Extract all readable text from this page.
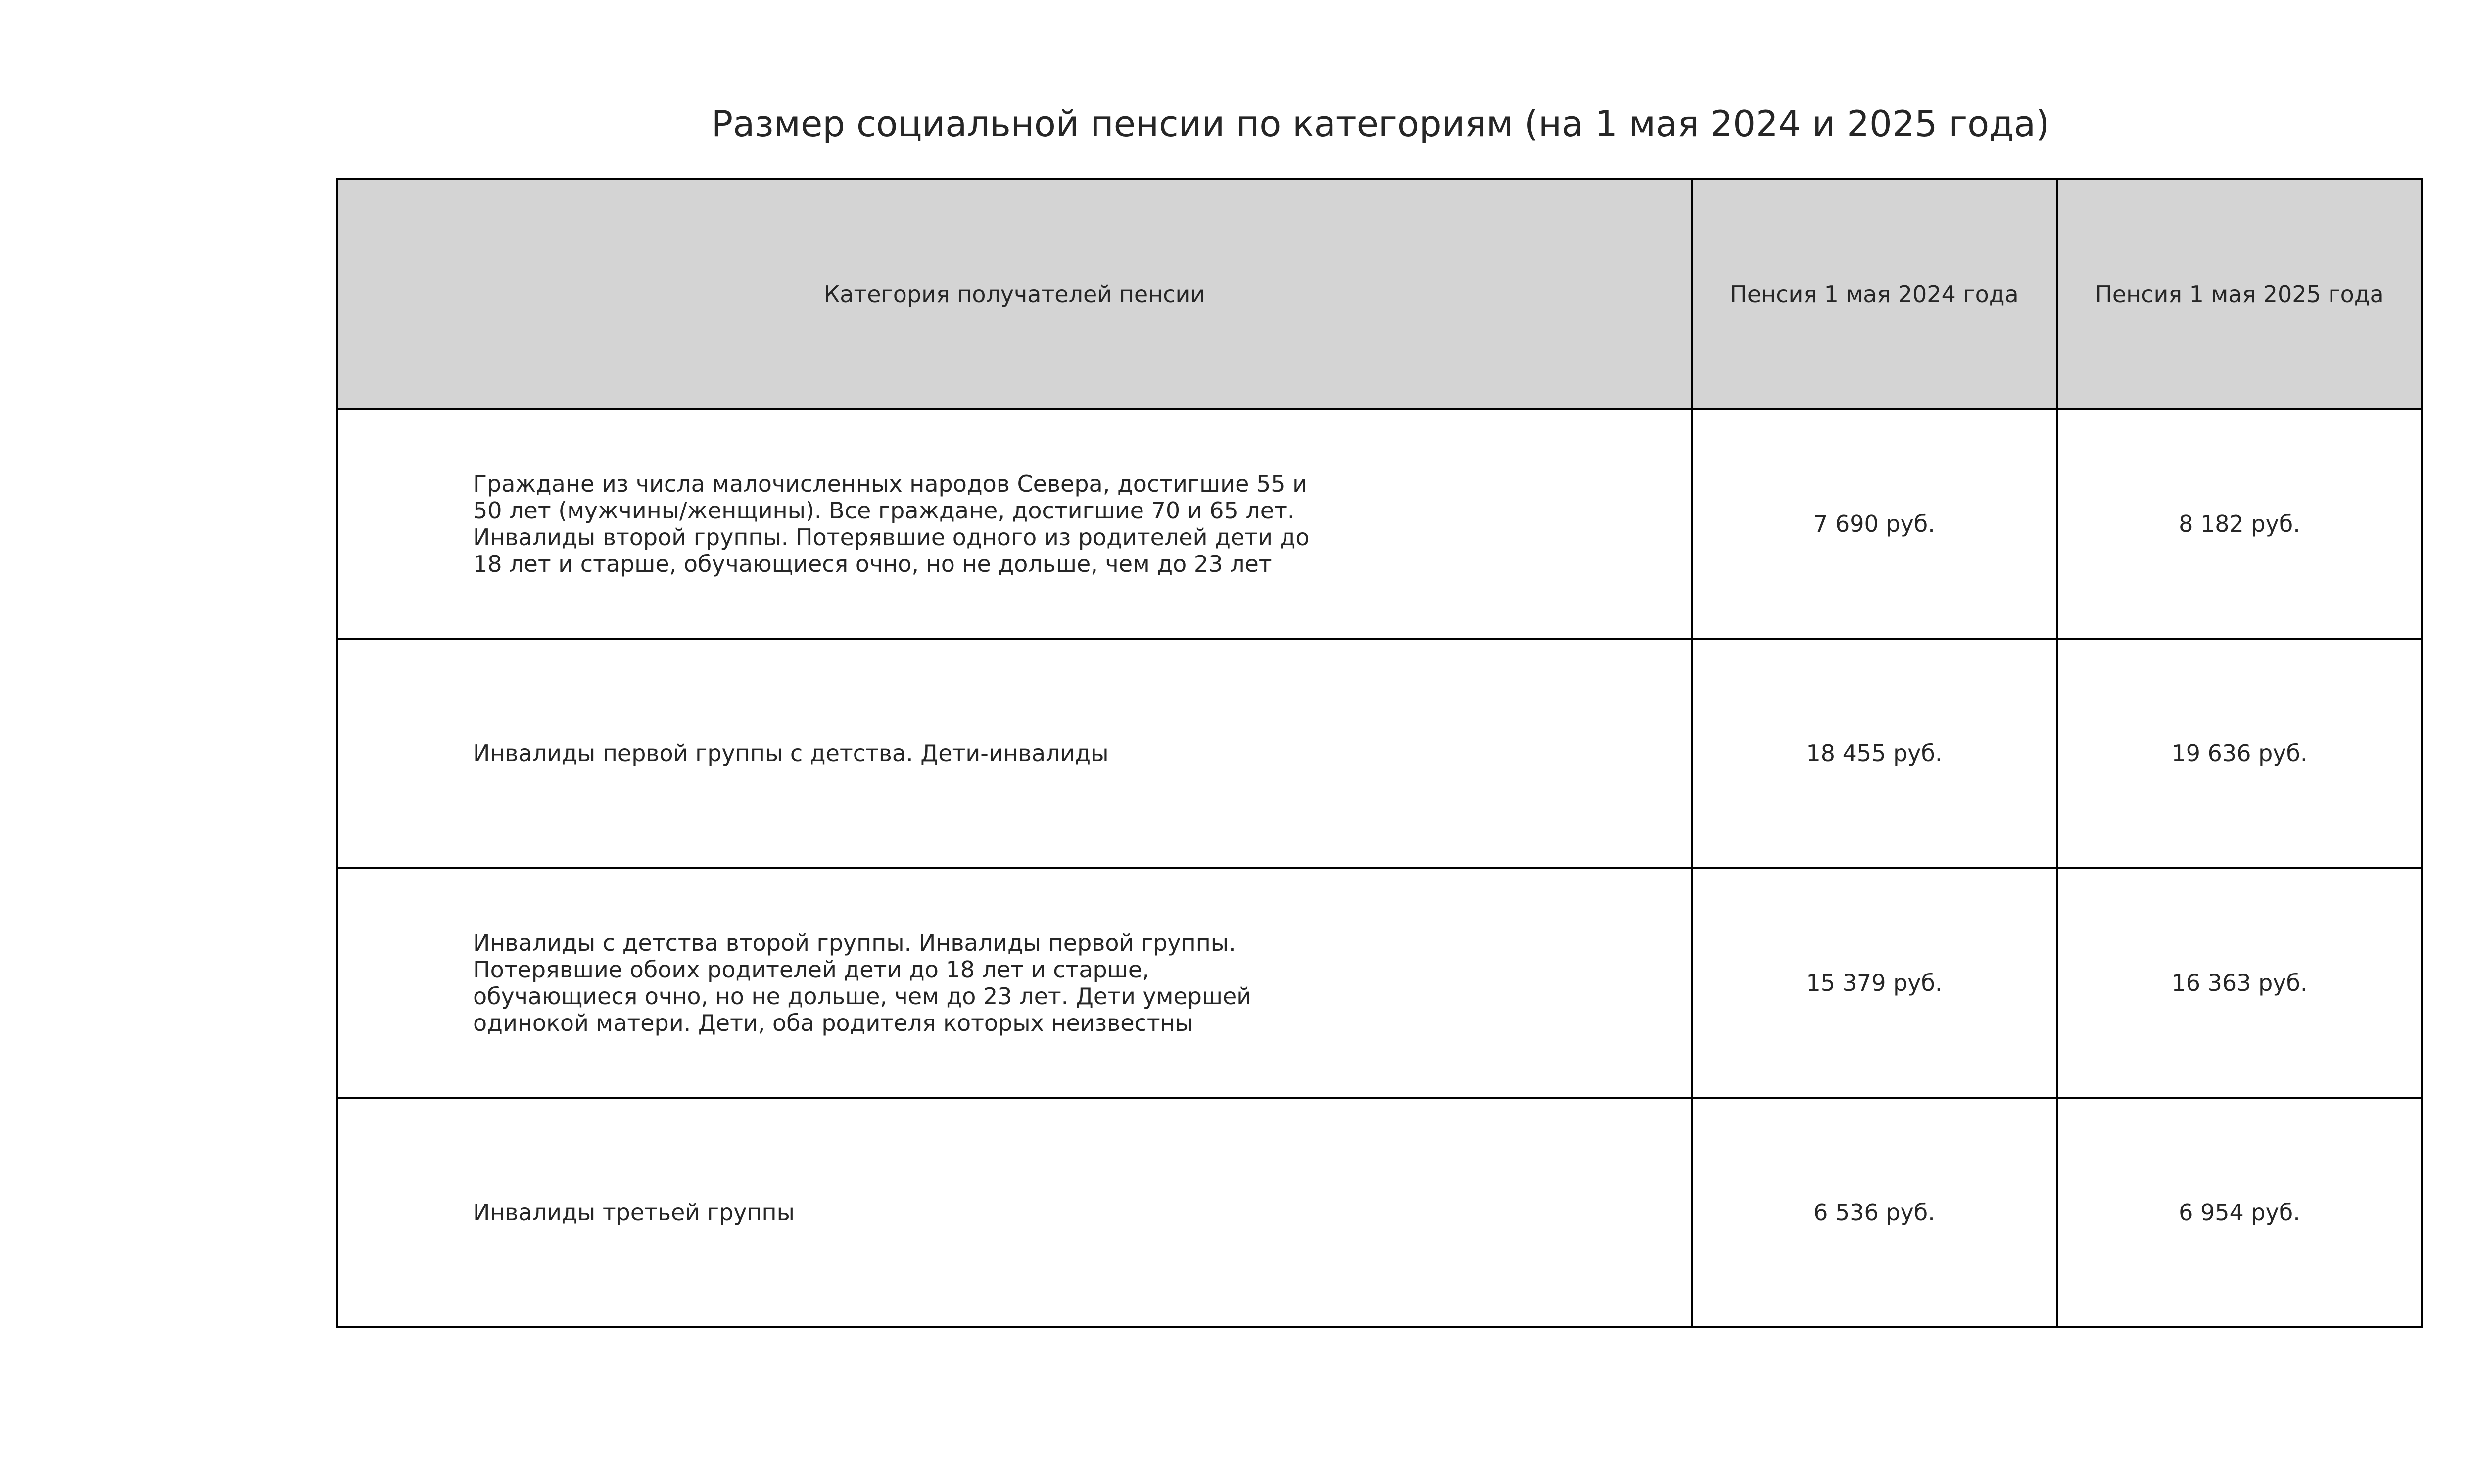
Размер социальной пенсии по категориям (на 1 мая 2024 и 2025 года)
Категория получателей пенсии	Пенсия 1 мая 2024 года	Пенсия 1 мая 2025 года

Граждане из числа малочисленных народов Севера, достигшие 55 и 50 лет (мужчины/женщины). Все граждане, достигшие 70 и 65 лет. Инвалиды второй группы. Потерявшие одного из родителей дети до 18 лет и старше, обучающиеся очно, но не дольше, чем до 23 лет	7 690 руб.	8 182 руб.

Инвалиды первой группы с детства. Дети-инвалиды	18 455 руб.	19 636 руб.

Инвалиды с детства второй группы. Инвалиды первой группы. Потерявшие обоих родителей дети до 18 лет и старше, обучающиеся очно, но не дольше, чем до 23 лет. Дети умершей одинокой матери. Дети, оба родителя которых неизвестны	15 379 руб.	16 363 руб.

Инвалиды третьей группы	6 536 руб.	6 954 руб.
